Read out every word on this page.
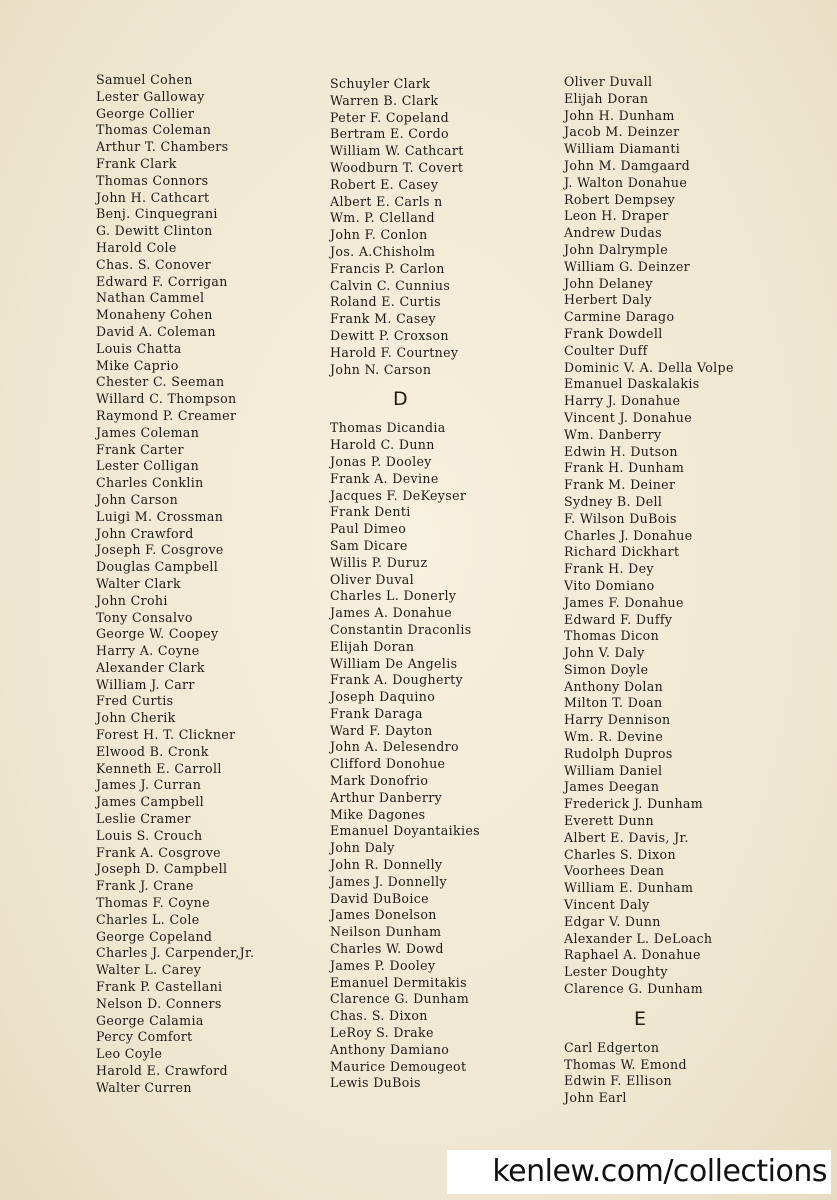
Samuel Cohen
Lester Galloway
George Collier
Thomas Coleman
Arthur T. Chambers
Frank Clark
Thomas Connors
John H. Cathcart
Benj. Cinquegrani
G. Dewitt Clinton
Harold Cole
Chas. S. Conover
Edward F. Corrigan
Nathan Cammel
Monaheny Cohen
David A. Coleman
Louis Chatta
Mike Caprio
Chester C. Seeman
Willard C. Thompson
Raymond P. Creamer
James Coleman
Frank Carter
Lester Colligan
Charles Conklin
John Carson
Luigi M. Crossman
John Crawford
Joseph F. Cosgrove
Douglas Campbell
Walter Clark
John Crohi
Tony Consalvo
George W. Coopey
Harry A. Coyne
Alexander Clark
William J. Carr
Fred Curtis
John Cherik
Forest H. T. Clickner
Elwood B. Cronk
Kenneth E. Carroll
James J. Curran
James Campbell
Leslie Cramer
Louis S. Crouch
Frank A. Cosgrove
Joseph D. Campbell
Frank J. Crane
Thomas F. Coyne
Charles L. Cole
George Copeland
Charles J. Carpender,Jr.
Walter L. Carey
Frank P. Castellani
Nelson D. Conners
George Calamia
Percy Comfort
Leo Coyle
Harold E. Crawford
Walter Curren
Schuyler Clark
Warren B. Clark
Peter F. Copeland
Bertram E. Cordo
William W. Cathcart
Woodburn T. Covert
Robert E. Casey
Albert E. Carls n
Wm. P. Clelland
John F. Conlon
Jos. A.Chisholm
Francis P. Carlon
Calvin C. Cunnius
Roland E. Curtis
Frank M. Casey
Dewitt P. Croxson
Harold F. Courtney
John N. Carson
D
Thomas Dicandia
Harold C. Dunn
Jonas P. Dooley
Frank A. Devine
Jacques F. DeKeyser
Frank Denti
Paul Dimeo
Sam Dicare
Willis P. Duruz
Oliver Duval
Charles L. Donerly
James A. Donahue
Constantin Draconlis
Elijah Doran
William De Angelis
Frank A. Dougherty
Joseph Daquino
Frank Daraga
Ward F. Dayton
John A. Delesendro
Clifford Donohue
Mark Donofrio
Arthur Danberry
Mike Dagones
Emanuel Doyantaikies
John Daly
John R. Donnelly
James J. Donnelly
David DuBoice
James Donelson
Neilson Dunham
Charles W. Dowd
James P. Dooley
Emanuel Dermitakis
Clarence G. Dunham
Chas. S. Dixon
LeRoy S. Drake
Anthony Damiano
Maurice Demougeot
Lewis DuBois
Oliver Duvall
Elijah Doran
John H. Dunham
Jacob M. Deinzer
William Diamanti
John M. Damgaard
J. Walton Donahue
Robert Dempsey
Leon H. Draper
Andrew Dudas
John Dalrymple
William G. Deinzer
John Delaney
Herbert Daly
Carmine Darago
Frank Dowdell
Coulter Duff
Dominic V. A. Della Volpe
Emanuel Daskalakis
Harry J. Donahue
Vincent J. Donahue
Wm. Danberry
Edwin H. Dutson
Frank H. Dunham
Frank M. Deiner
Sydney B. Dell
F. Wilson DuBois
Charles J. Donahue
Richard Dickhart
Frank H. Dey
Vito Domiano
James F. Donahue
Edward F. Duffy
Thomas Dicon
John V. Daly
Simon Doyle
Anthony Dolan
Milton T. Doan
Harry Dennison
Wm. R. Devine
Rudolph Dupros
William Daniel
James Deegan
Frederick J. Dunham
Everett Dunn
Albert E. Davis, Jr.
Charles S. Dixon
Voorhees Dean
William E. Dunham
Vincent Daly
Edgar V. Dunn
Alexander L. DeLoach
Raphael A. Donahue
Lester Doughty
Clarence G. Dunham
E
Carl Edgerton
Thomas W. Emond
Edwin F. Ellison
John Earl
kenlew.com/collections
